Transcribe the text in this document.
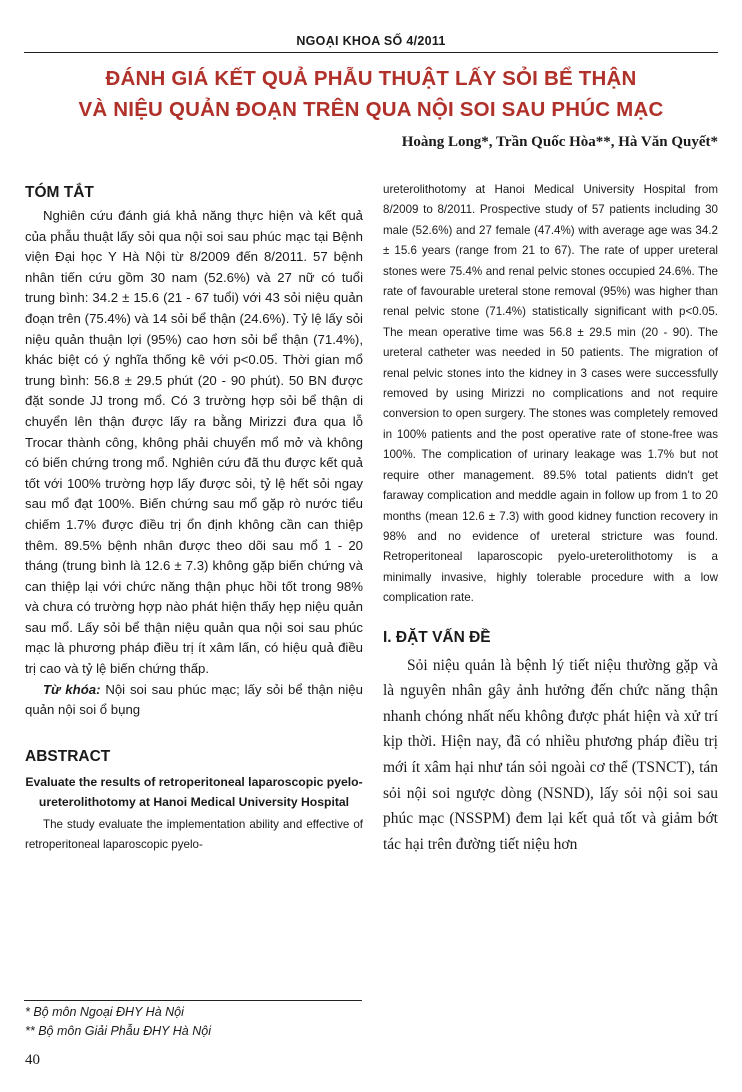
NGOẠI KHOA SỐ 4/2011
ĐÁNH GIÁ KẾT QUẢ PHẪU THUẬT LẤY SỎI BỂ THẬN
VÀ NIỆU QUẢN ĐOẠN TRÊN QUA NỘI SOI SAU PHÚC MẠC
Hoàng Long*, Trần Quốc Hòa**, Hà Văn Quyết*
TÓM TẮT

Nghiên cứu đánh giá khả năng thực hiện và kết quả của phẫu thuật lấy sỏi qua nội soi sau phúc mạc tại Bệnh viện Đại học Y Hà Nội từ 8/2009 đến 8/2011. 57 bệnh nhân tiến cứu gồm 30 nam (52.6%) và 27 nữ có tuổi trung bình: 34.2 ± 15.6 (21 - 67 tuổi) với 43 sỏi niệu quản đoạn trên (75.4%) và 14 sỏi bể thận (24.6%). Tỷ lệ lấy sỏi niệu quản thuận lợi (95%) cao hơn sỏi bể thận (71.4%), khác biệt có ý nghĩa thống kê với p<0.05. Thời gian mổ trung bình: 56.8 ± 29.5 phút (20 - 90 phút). 50 BN được đặt sonde JJ trong mổ. Có 3 trường hợp sỏi bể thận di chuyển lên thận được lấy ra bằng Mirizzi đưa qua lỗ Trocar thành công, không phải chuyển mổ mở và không có biến chứng trong mổ. Nghiên cứu đã thu được kết quả tốt với 100% trường hợp lấy được sỏi, tỷ lệ hết sỏi ngay sau mổ đạt 100%. Biến chứng sau mổ gặp rò nước tiểu chiếm 1.7% được điều trị ổn định không cần can thiệp thêm. 89.5% bệnh nhân được theo dõi sau mổ 1 - 20 tháng (trung bình là 12.6 ± 7.3) không gặp biến chứng và can thiệp lại với chức năng thận phục hồi tốt trong 98% và chưa có trường hợp nào phát hiện thấy hẹp niệu quản sau mổ. Lấy sỏi bể thận niệu quản qua nội soi sau phúc mạc là phương pháp điều trị ít xâm lấn, có hiệu quả điều trị cao và tỷ lệ biến chứng thấp.

Từ khóa: Nội soi sau phúc mạc; lấy sỏi bể thận niệu quản nội soi ổ bụng

ABSTRACT
Evaluate the results of retroperitoneal laparoscopic pyelo-ureterolithotomy at Hanoi Medical University Hospital
The study evaluate the implementation ability and effective of retroperitoneal laparoscopic pyelo-
ureterolithotomy at Hanoi Medical University Hospital from 8/2009 to 8/2011. Prospective study of 57 patients including 30 male (52.6%) and 27 female (47.4%) with average age was 34.2 ± 15.6 years (range from 21 to 67). The rate of upper ureteral stones were 75.4% and renal pelvic stones occupied 24.6%. The rate of favourable ureteral stone removal (95%) was higher than renal pelvic stone (71.4%) statistically significant with p<0.05. The mean operative time was 56.8 ± 29.5 min (20 - 90). The ureteral catheter was needed in 50 patients. The migration of renal pelvic stones into the kidney in 3 cases were successfully removed by using Mirizzi no complications and not require conversion to open surgery. The stones was completely removed in 100% patients and the post operative rate of stone-free was 100%. The complication of urinary leakage was 1.7% but not require other management. 89.5% total patients didn't get faraway complication and meddle again in follow up from 1 to 20 months (mean 12.6 ± 7.3) with good kidney function recovery in 98% and no evidence of ureteral stricture was found. Retroperitoneal laparoscopic pyelo-ureterolithotomy is a minimally invasive, highly tolerable procedure with a low complication rate.
I. ĐẶT VẤN ĐỀ

Sỏi niệu quản là bệnh lý tiết niệu thường gặp và là nguyên nhân gây ảnh hưởng đến chức năng thận nhanh chóng nhất nếu không được phát hiện và xử trí kịp thời. Hiện nay, đã có nhiều phương pháp điều trị mới ít xâm hại như tán sỏi ngoài cơ thể (TSNCT), tán sỏi nội soi ngược dòng (NSND), lấy sỏi nội soi sau phúc mạc (NSSPM) đem lại kết quả tốt và giảm bớt tác hại trên đường tiết niệu hơn

* Bộ môn Ngoại ĐHY Hà Nội
** Bộ môn Giải Phẫu ĐHY Hà Nội
40
